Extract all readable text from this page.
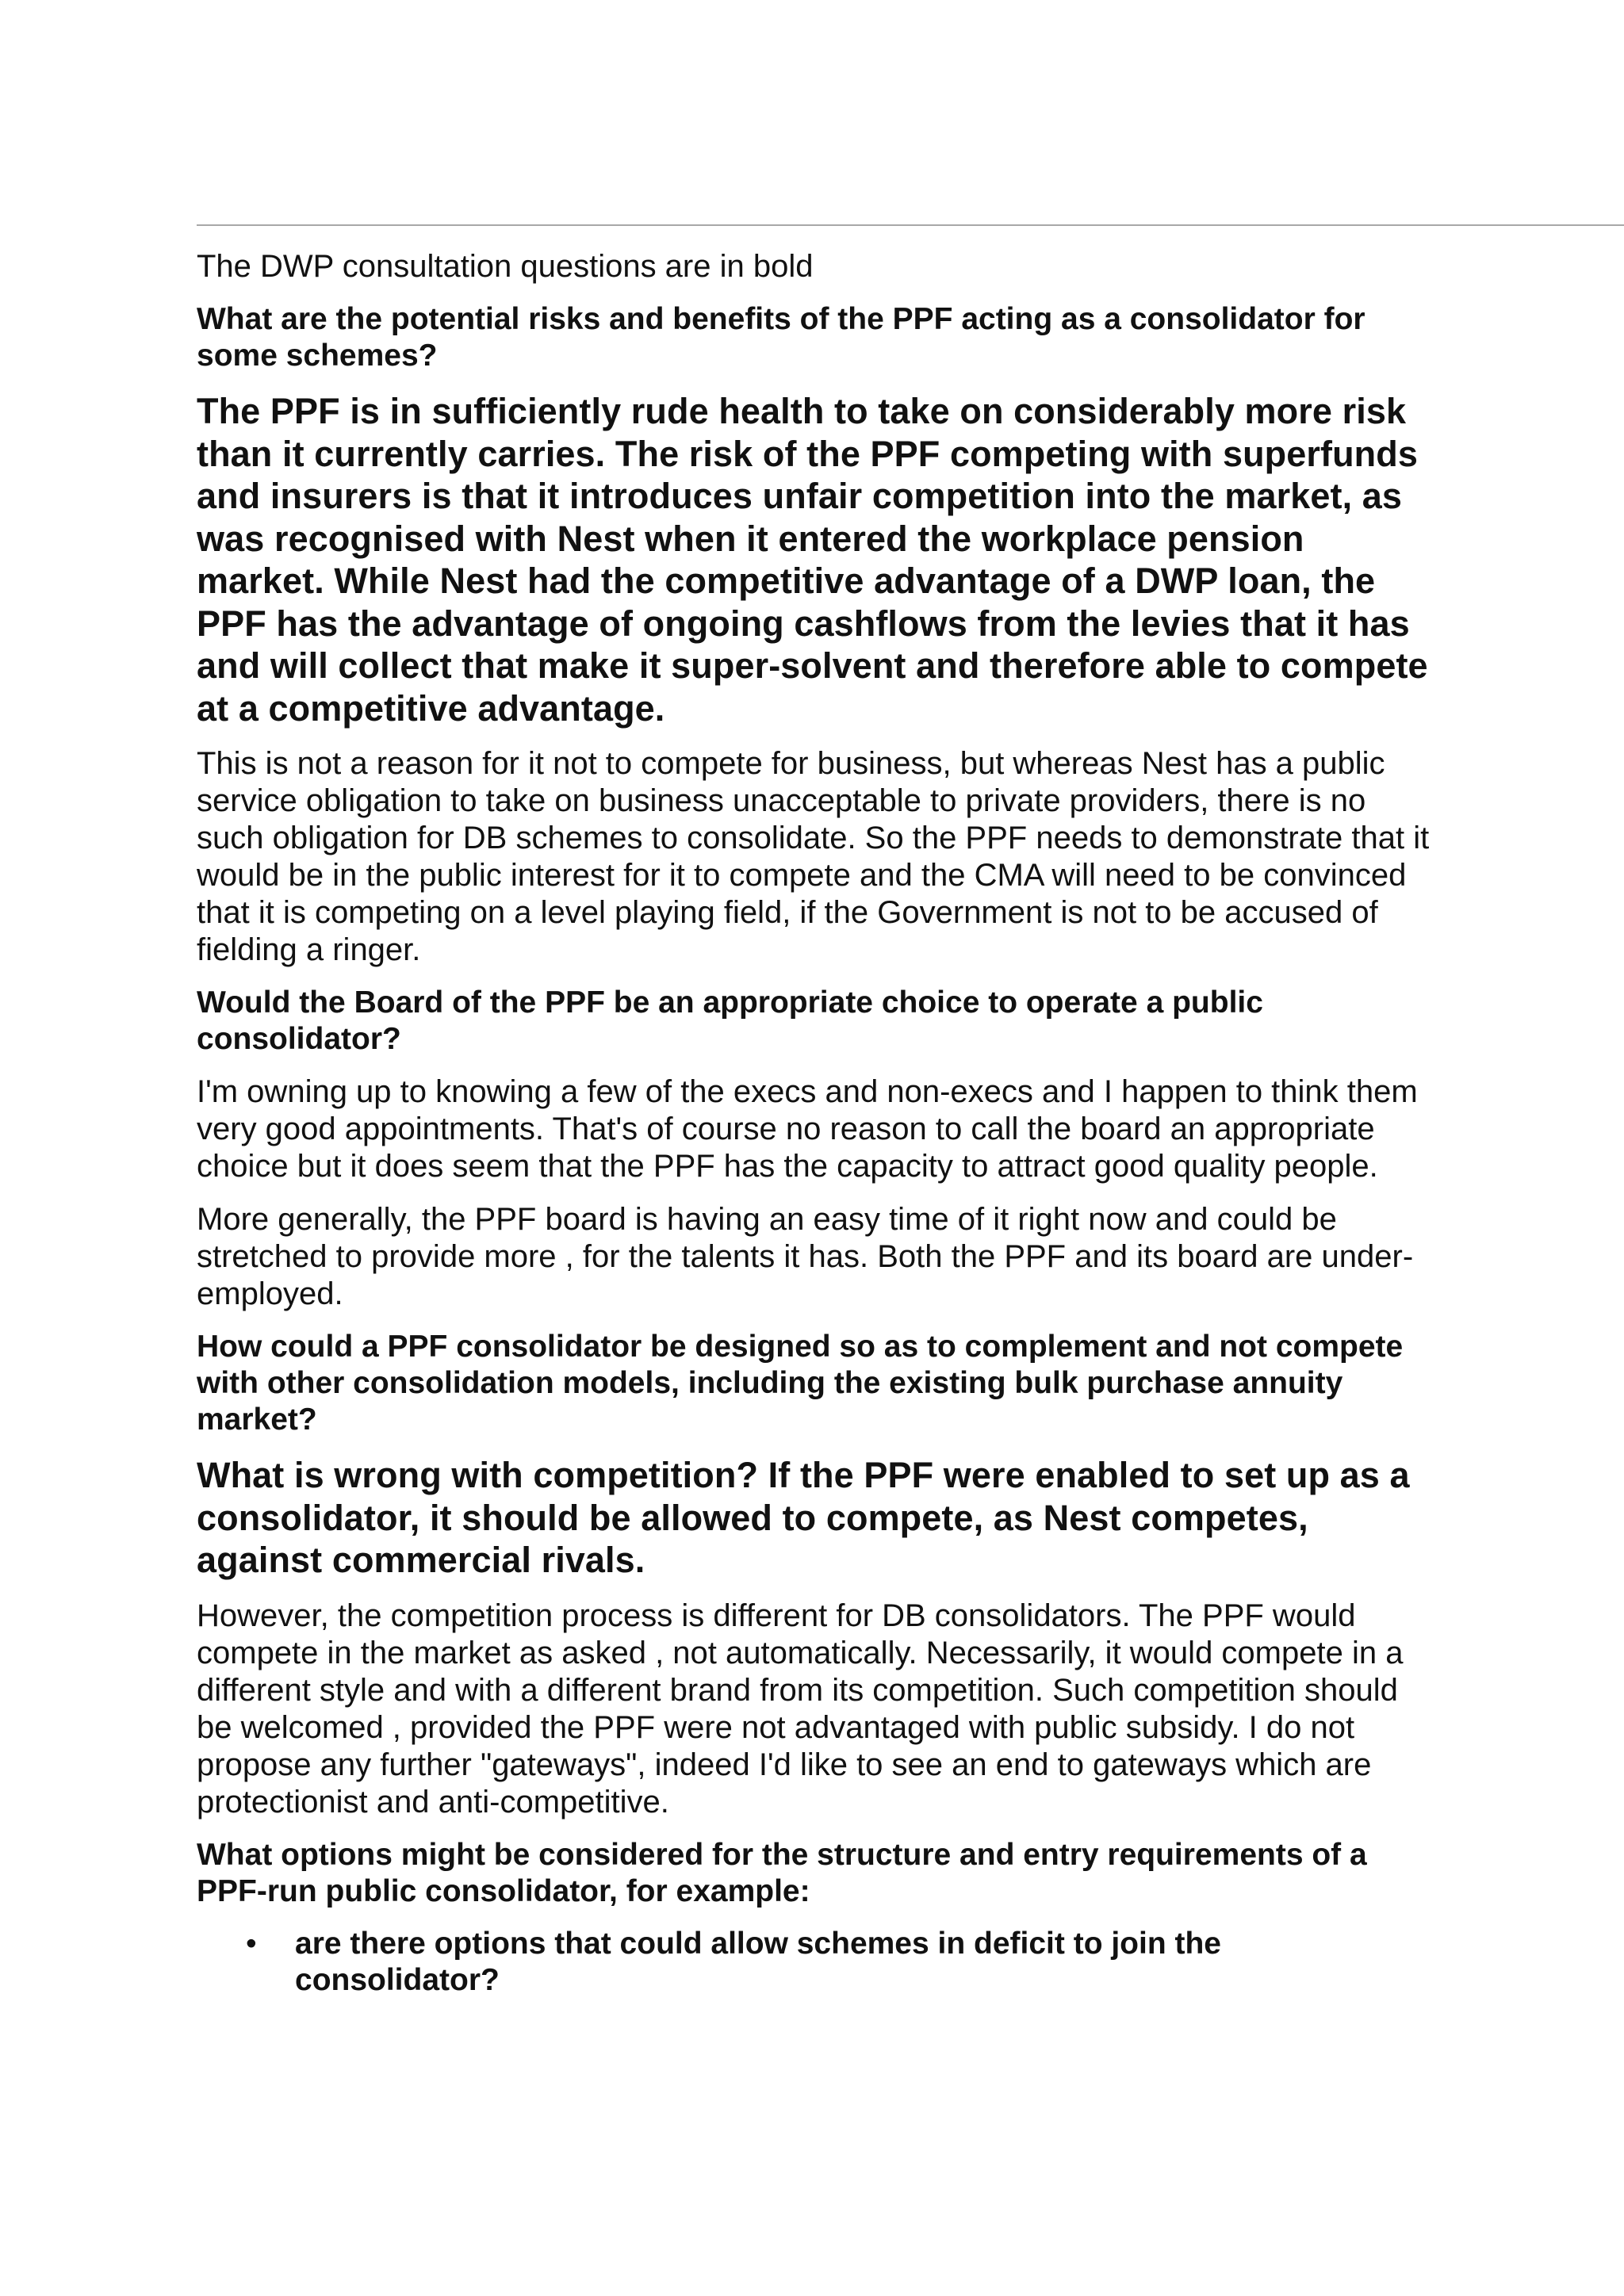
The DWP consultation questions are in bold

What are the potential risks and benefits of the PPF acting as a consolidator for some schemes?

The PPF is in sufficiently rude health to take on considerably more risk than it currently carries. The risk of the PPF competing with superfunds and insurers is that it introduces unfair competition into the market, as was recognised with Nest when it entered the workplace pension market. While Nest had the competitive advantage of a DWP loan, the PPF has the advantage of ongoing cashflows from the levies that it has and will collect that make it super-solvent and therefore able to compete at a competitive advantage.

This is not a reason for it not to compete for business, but whereas Nest has a public service obligation to take on business unacceptable to private providers, there is no such obligation for DB schemes to consolidate. So the PPF needs to demonstrate that it would be in the public interest for it to compete and the CMA will need to be convinced that it is competing on a level playing field, if the Government is not to be accused of fielding a ringer.

Would the Board of the PPF be an appropriate choice to operate a public consolidator?

I'm owning up to knowing a few of the execs and non-execs and I happen to think them very good appointments. That's of course no reason to call the board an appropriate choice but it does seem that the PPF has the capacity to attract good quality people.

More generally, the PPF board is having an easy time of it right now and could be stretched to provide more , for the talents it has. Both the PPF and its board are under-employed.

How could a PPF consolidator be designed so as to complement and not compete with other consolidation models, including the existing bulk purchase annuity market?

What is wrong with competition? If the PPF were enabled to set up as a consolidator, it should be allowed to compete, as Nest competes, against commercial rivals.

However, the competition process is different for DB consolidators. The PPF would compete in the market as asked , not automatically. Necessarily, it would compete in a different style and with a different brand from its competition. Such competition should be welcomed , provided the PPF were not advantaged with public subsidy. I do not propose any further "gateways", indeed I'd like to see an end to gateways which are protectionist and anti-competitive.

What options might be considered for the structure and entry requirements of a PPF-run public consolidator, for example:

• are there options that could allow schemes in deficit to join the consolidator?
